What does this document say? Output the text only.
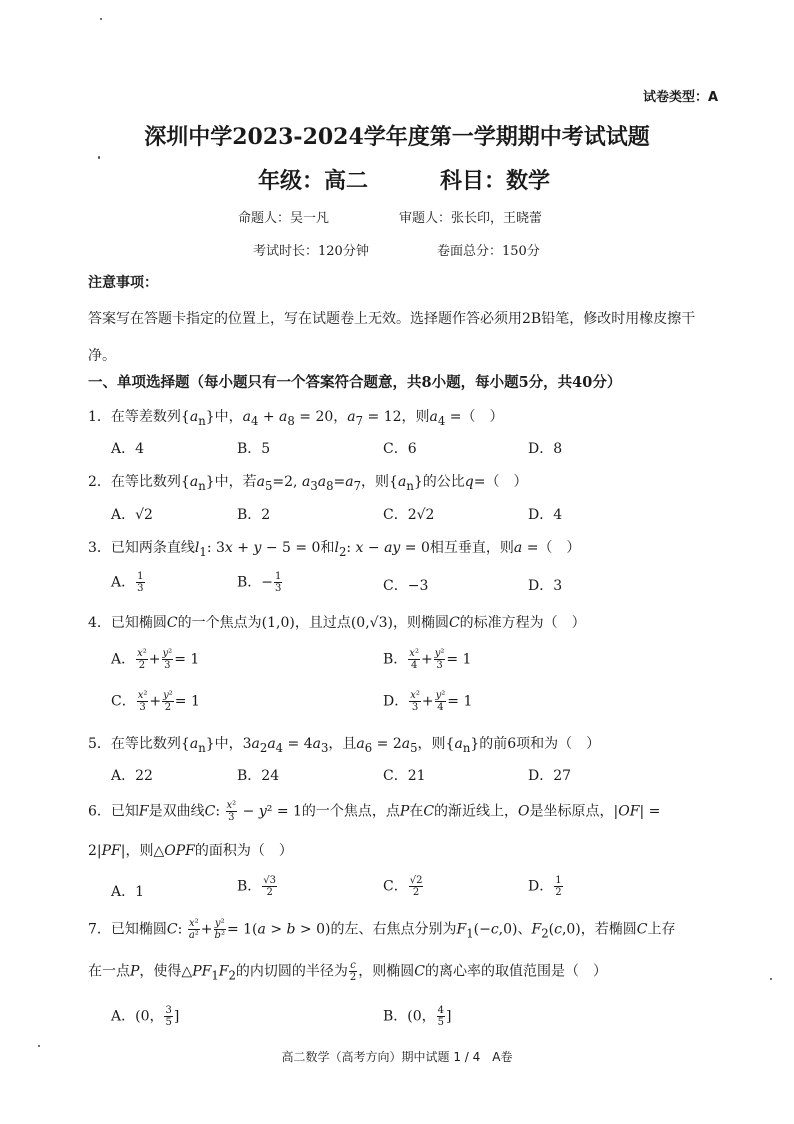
试卷类型：A
深圳中学2023-2024学年度第一学期期中考试试题
年级：高二	科目：数学
命题人：吴一凡	审题人：张长印，王晓蕾
考试时长：120分钟	卷面总分：150分
注意事项：
答案写在答题卡指定的位置上，写在试题卷上无效。选择题作答必须用2B铅笔，修改时用橡皮擦干净。
一、单项选择题（每小题只有一个答案符合题意，共8小题，每小题5分，共40分）
1．在等差数列$\{a_n\}$中，$a_4 + a_8 = 20$，$a_7 = 12$，则$a_4$ =（　）
A．4	B．5	C．6	D．8
2．在等比数列$\{a_n\}$中，若$a_5=2$, $a_3a_8=a_7$，则$\{a_n\}$的公比q=（　）
A．√2	B．2	C．2√2	D．4
3．已知两条直线$l_1$: 3x + y − 5 = 0和$l_2$: x − ay = 0相互垂直，则a =（　）
A． $\frac{1}{3}$	B．− $\frac{1}{3}$	C．−3	D．3
4．已知椭圆C的一个焦点为(1,0)，且过点(0,√3)，则椭圆C的标准方程为（　）
A． $\frac{\text{x²}}{2} + \frac{\text{y²}}{3} = 1$	B． $\frac{\text{x²}}{4} + \frac{\text{y²}}{3} = 1$
C． $\frac{\text{x²}}{3} + \frac{\text{y²}}{2} = 1$	D． $\frac{\text{x²}}{3} + \frac{\text{y²}}{4} = 1$
5．在等比数列$\{a_n\}$中，$3a_2a_4 = 4a_3$，且$a_6 = 2a_5$，则$\{a_n\}$的前6项和为（　）
A．22	B．24	C．21	D．27
6．已知F是双曲线C: $\frac{\text{x²}}{3} - y^2 = 1$的一个焦点，点P在C的渐近线上，O是坐标原点，|OF| =
2|PF|，则△OPF的面积为（　）
A．1	B． $\frac{√3}{2}$	C． $\frac{√2}{2}$	D． $\frac{1}{2}$
7．已知椭圆C: $\frac{\text{x²}}{\text{a²}} + \frac{\text{y²}}{\text{b²}} = 1(a > b > 0)$的左、右焦点分别为$F_1(-c,0)$、$F_2(c,0)$，若椭圆C上存
在一点P，使得$\triangle PF_1F_2$的内切圆的半径为 $\frac{c}{2}$ ，则椭圆C的离心率的取值范围是（　）
A．(0， $\frac{3}{5}$ ]	B．(0， $\frac{4}{5}$ ]
高二数学（高考方向）期中试题 1 / 4　A卷
